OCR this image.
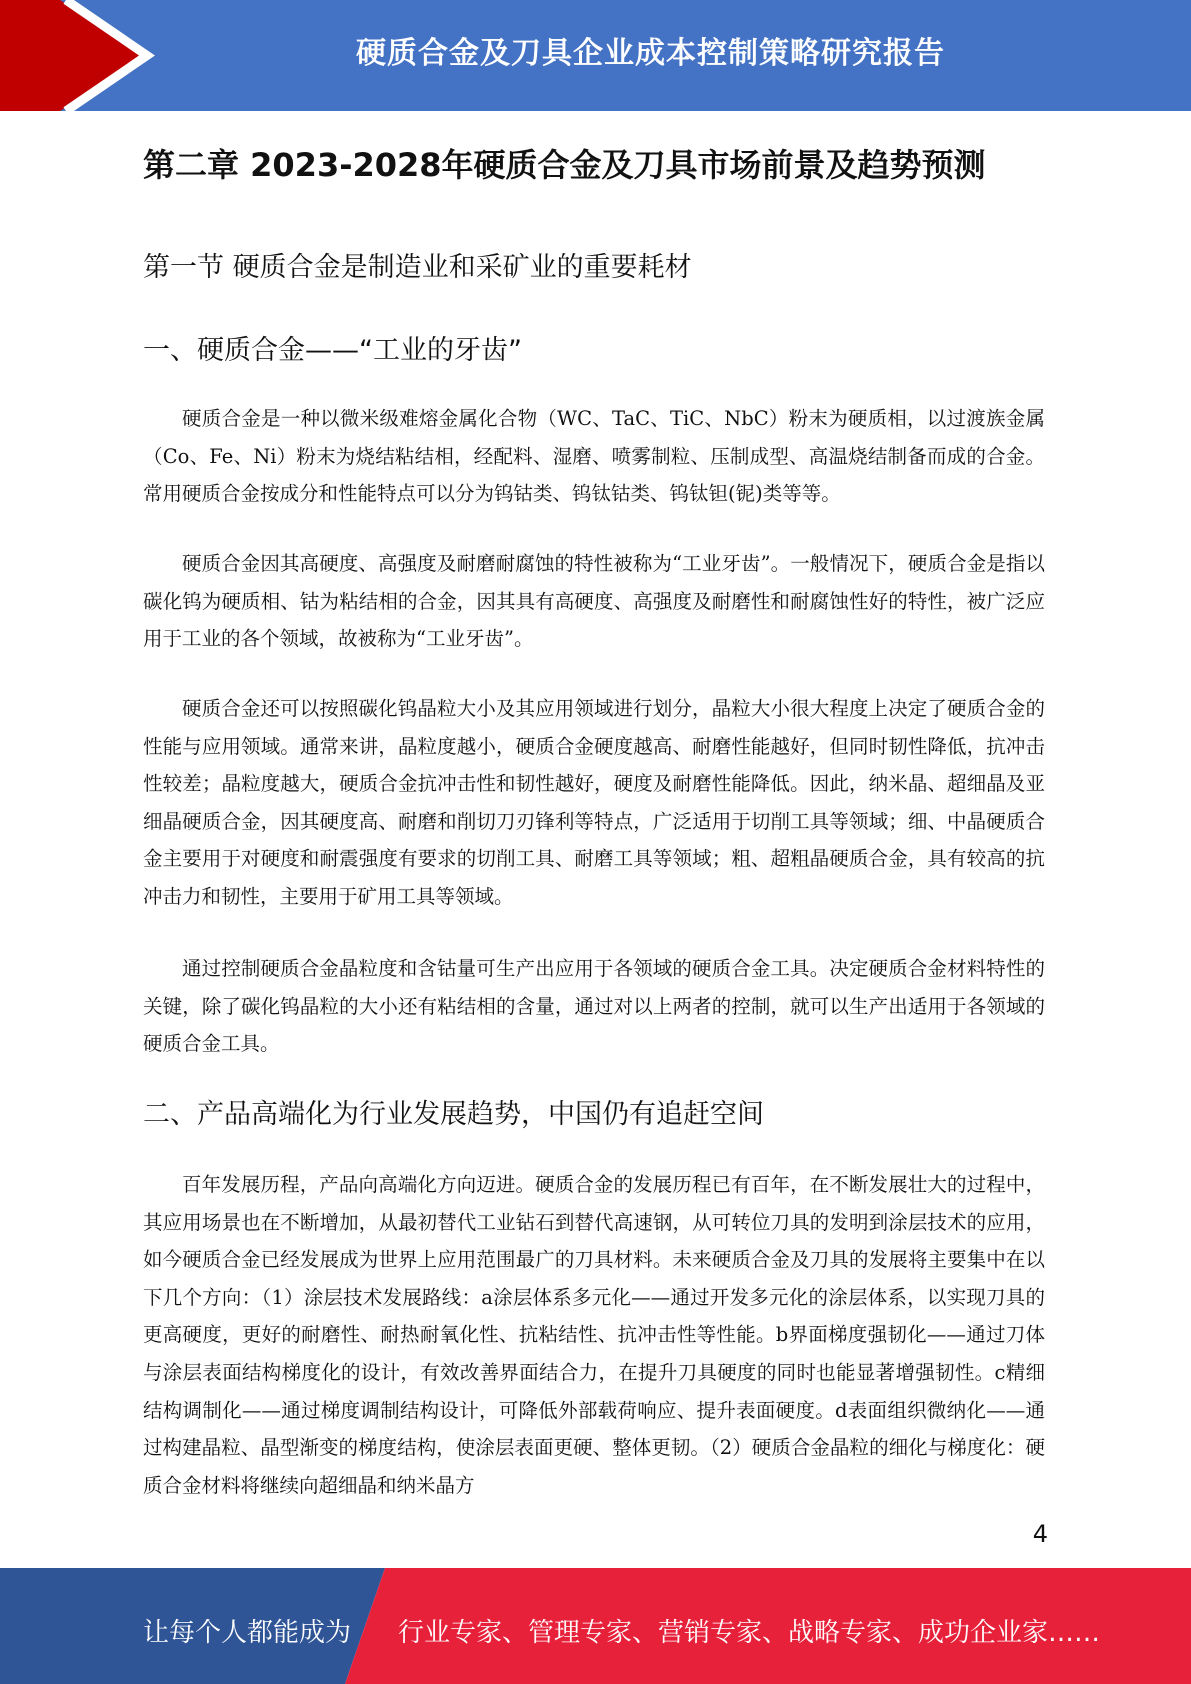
硬质合金及刀具企业成本控制策略研究报告
第二章 2023-2028年硬质合金及刀具市场前景及趋势预测
第一节 硬质合金是制造业和采矿业的重要耗材
一、硬质合金——“工业的牙齿”

硬质合金是一种以微米级难熔金属化合物（WC、TaC、TiC、NbC）粉末为硬质相，以过渡族金属（Co、Fe、Ni）粉末为烧结粘结相，经配料、湿磨、喷雾制粒、压制成型、高温烧结制备而成的合金。常用硬质合金按成分和性能特点可以分为钨钴类、钨钛钴类、钨钛钽(铌)类等等。

硬质合金因其高硬度、高强度及耐磨耐腐蚀的特性被称为“工业牙齿”。一般情况下，硬质合金是指以碳化钨为硬质相、钴为粘结相的合金，因其具有高硬度、高强度及耐磨性和耐腐蚀性好的特性，被广泛应用于工业的各个领域，故被称为“工业牙齿”。

硬质合金还可以按照碳化钨晶粒大小及其应用领域进行划分，晶粒大小很大程度上决定了硬质合金的性能与应用领域。通常来讲，晶粒度越小，硬质合金硬度越高、耐磨性能越好，但同时韧性降低，抗冲击性较差；晶粒度越大，硬质合金抗冲击性和韧性越好，硬度及耐磨性能降低。因此，纳米晶、超细晶及亚细晶硬质合金，因其硬度高、耐磨和削切刀刃锋利等特点，广泛适用于切削工具等领域；细、中晶硬质合金主要用于对硬度和耐震强度有要求的切削工具、耐磨工具等领域；粗、超粗晶硬质合金，具有较高的抗冲击力和韧性，主要用于矿用工具等领域。

通过控制硬质合金晶粒度和含钴量可生产出应用于各领域的硬质合金工具。决定硬质合金材料特性的关键，除了碳化钨晶粒的大小还有粘结相的含量，通过对以上两者的控制，就可以生产出适用于各领域的硬质合金工具。

二、产品高端化为行业发展趋势，中国仍有追赶空间

百年发展历程，产品向高端化方向迈进。硬质合金的发展历程已有百年，在不断发展壮大的过程中，其应用场景也在不断增加，从最初替代工业钻石到替代高速钢，从可转位刀具的发明到涂层技术的应用，如今硬质合金已经发展成为世界上应用范围最广的刀具材料。未来硬质合金及刀具的发展将主要集中在以下几个方向：（1）涂层技术发展路线：a涂层体系多元化——通过开发多元化的涂层体系，以实现刀具的更高硬度，更好的耐磨性、耐热耐氧化性、抗粘结性、抗冲击性等性能。b界面梯度强韧化——通过刀体与涂层表面结构梯度化的设计，有效改善界面结合力，在提升刀具硬度的同时也能显著增强韧性。c精细结构调制化——通过梯度调制结构设计，可降低外部载荷响应、提升表面硬度。d表面组织微纳化——通过构建晶粒、晶型渐变的梯度结构，使涂层表面更硬、整体更韧。（2）硬质合金晶粒的细化与梯度化：硬质合金材料将继续向超细晶和纳米晶方

4
让每个人都能成为 行业专家、管理专家、营销专家、战略专家、成功企业家……
